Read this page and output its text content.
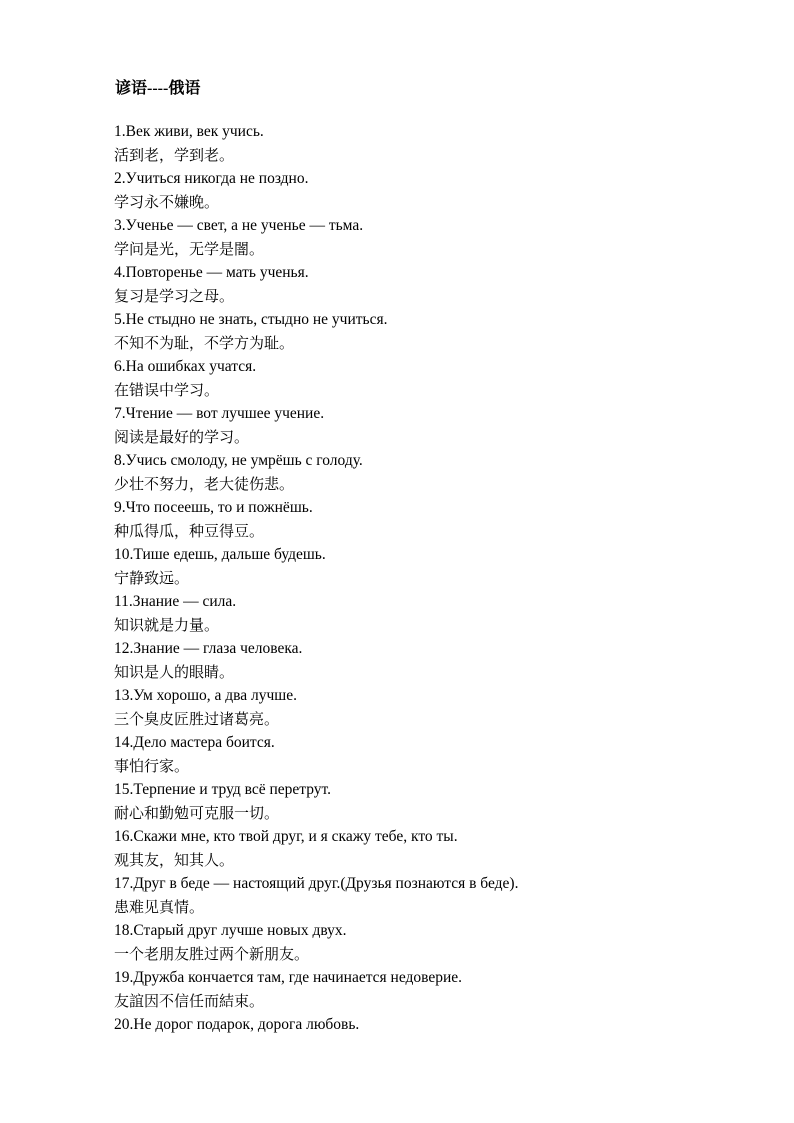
谚语----俄语
1.Век живи, век учись.
活到老，学到老。
2.Учиться никогда не поздно.
学习永不嫌晚。
3.Ученье — свет, а не ученье — тьма.
学问是光，无学是闇。
4.Повторенье — мать ученья.
复习是学习之母。
5.Не стыдно не знать, стыдно не учиться.
不知不为耻，不学方为耻。
6.На ошибках учатся.
在错误中学习。
7.Чтение — вот лучшее учение.
阅读是最好的学习。
8.Учись смолоду, не умрёшь с голоду.
少壮不努力，老大徒伤悲。
9.Что посеешь, то и пожнёшь.
种瓜得瓜，种豆得豆。
10.Тише едешь, дальше будешь.
宁静致远。
11.Знание — сила.
知识就是力量。
12.Знание — глаза человека.
知识是人的眼睛。
13.Ум хорошо, а два лучше.
三个臭皮匠胜过诸葛亮。
14.Дело мастера боится.
事怕行家。
15.Терпение и труд всё перетрут.
耐心和勤勉可克服一切。
16.Скажи мне, кто твой друг, и я скажу тебе, кто ты.
观其友，知其人。
17.Друг в беде — настоящий друг.(Друзья познаются в беде).
患难见真情。
18.Старый друг лучше новых двух.
一个老朋友胜过两个新朋友。
19.Дружба кончается там, где начинается недоверие.
友誼因不信任而結束。
20.Не дорог подарок, дорога любовь.
